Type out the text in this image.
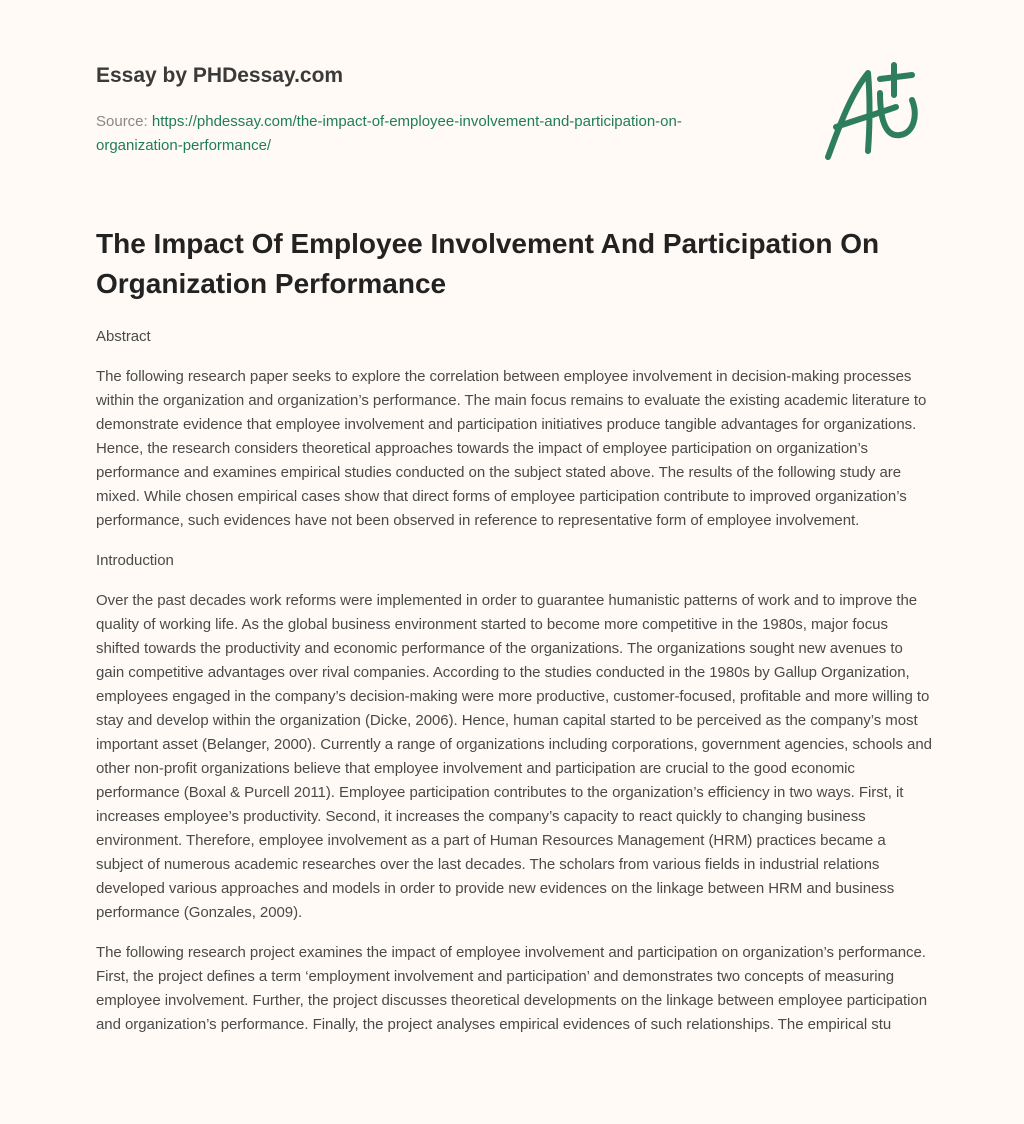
Essay by PHDessay.com

Source: https://phdessay.com/the-impact-of-employee-involvement-and-participation-on-organization-performance/
The Impact Of Employee Involvement And Participation On Organization Performance

Abstract

The following research paper seeks to explore the correlation between employee involvement in decision-making processes within the organization and organization’s performance. The main focus remains to evaluate the existing academic literature to demonstrate evidence that employee involvement and participation initiatives produce tangible advantages for organizations. Hence, the research considers theoretical approaches towards the impact of employee participation on organization’s performance and examines empirical studies conducted on the subject stated above. The results of the following study are mixed. While chosen empirical cases show that direct forms of employee participation contribute to improved organization’s performance, such evidences have not been observed in reference to representative form of employee involvement.

Introduction

Over the past decades work reforms were implemented in order to guarantee humanistic patterns of work and to improve the quality of working life. As the global business environment started to become more competitive in the 1980s, major focus shifted towards the productivity and economic performance of the organizations. The organizations sought new avenues to gain competitive advantages over rival companies. According to the studies conducted in the 1980s by Gallup Organization, employees engaged in the company’s decision-making were more productive, customer-focused, profitable and more willing to stay and develop within the organization (Dicke, 2006). Hence, human capital started to be perceived as the company’s most important asset (Belanger, 2000). Currently a range of organizations including corporations, government agencies, schools and other non-profit organizations believe that employee involvement and participation are crucial to the good economic performance (Boxal & Purcell 2011). Employee participation contributes to the organization’s efficiency in two ways. First, it increases employee’s productivity. Second, it increases the company’s capacity to react quickly to changing business environment. Therefore, employee involvement as a part of Human Resources Management (HRM) practices became a subject of numerous academic researches over the last decades. The scholars from various fields in industrial relations developed various approaches and models in order to provide new evidences on the linkage between HRM and business performance (Gonzales, 2009).

The following research project examines the impact of employee involvement and participation on organization’s performance. First, the project defines a term ‘employment involvement and participation’ and demonstrates two concepts of measuring employee involvement. Further, the project discusses theoretical developments on the linkage between employee participation and organization’s performance. Finally, the project analyses empirical evidences of such relationships. The empirical stu
